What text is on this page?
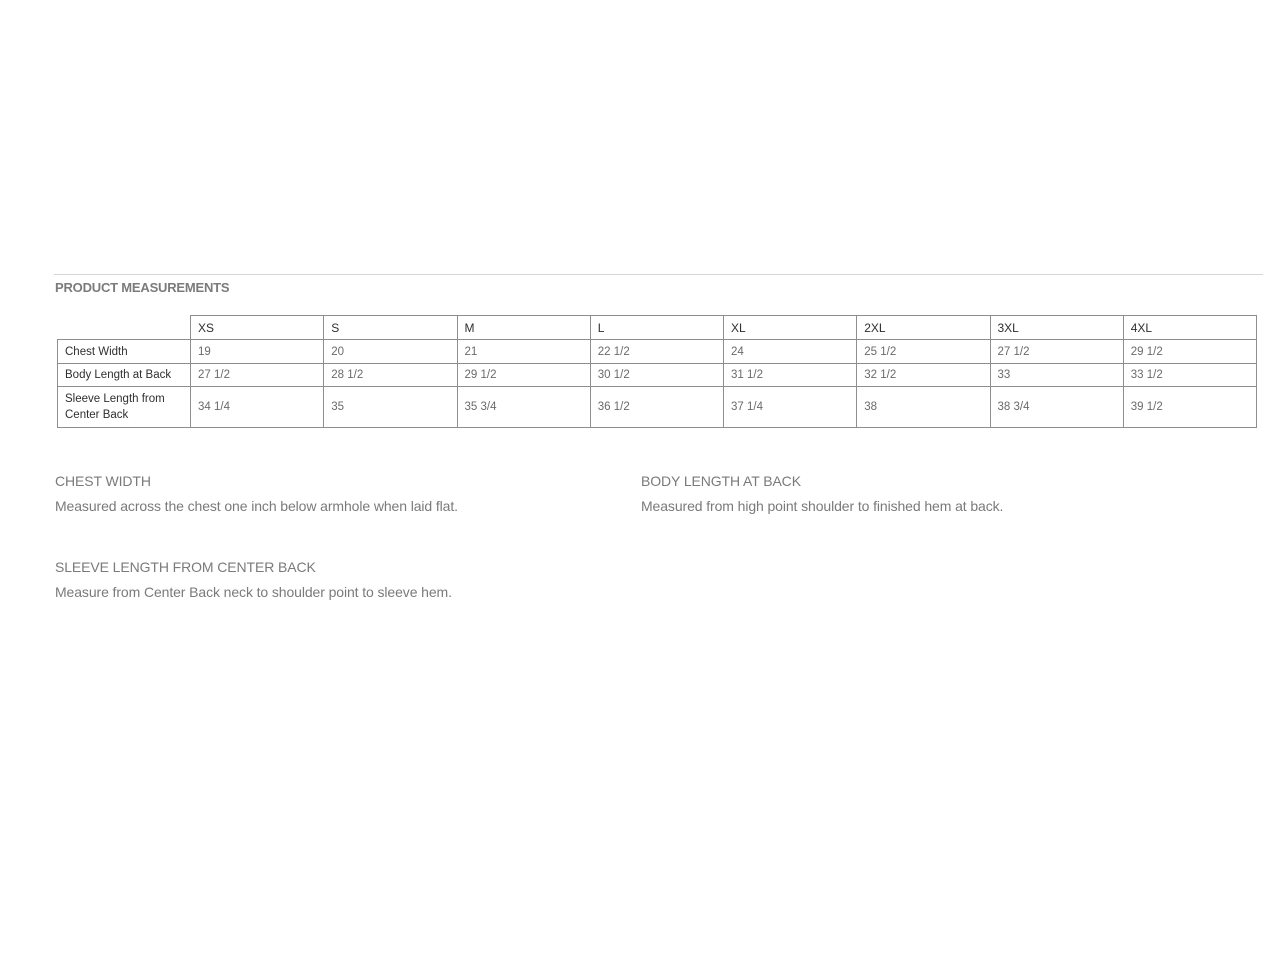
PRODUCT MEASUREMENTS
	XS	S	M	L	XL	2XL	3XL	4XL
Chest Width	19	20	21	22 1/2	24	25 1/2	27 1/2	29 1/2
Body Length at Back	27 1/2	28 1/2	29 1/2	30 1/2	31 1/2	32 1/2	33	33 1/2
Sleeve Length from Center Back	34 1/4	35	35 3/4	36 1/2	37 1/4	38	38 3/4	39 1/2
CHEST WIDTH

Measured across the chest one inch below armhole when laid flat.

BODY LENGTH AT BACK

Measured from high point shoulder to finished hem at back.

SLEEVE LENGTH FROM CENTER BACK

Measure from Center Back neck to shoulder point to sleeve hem.
